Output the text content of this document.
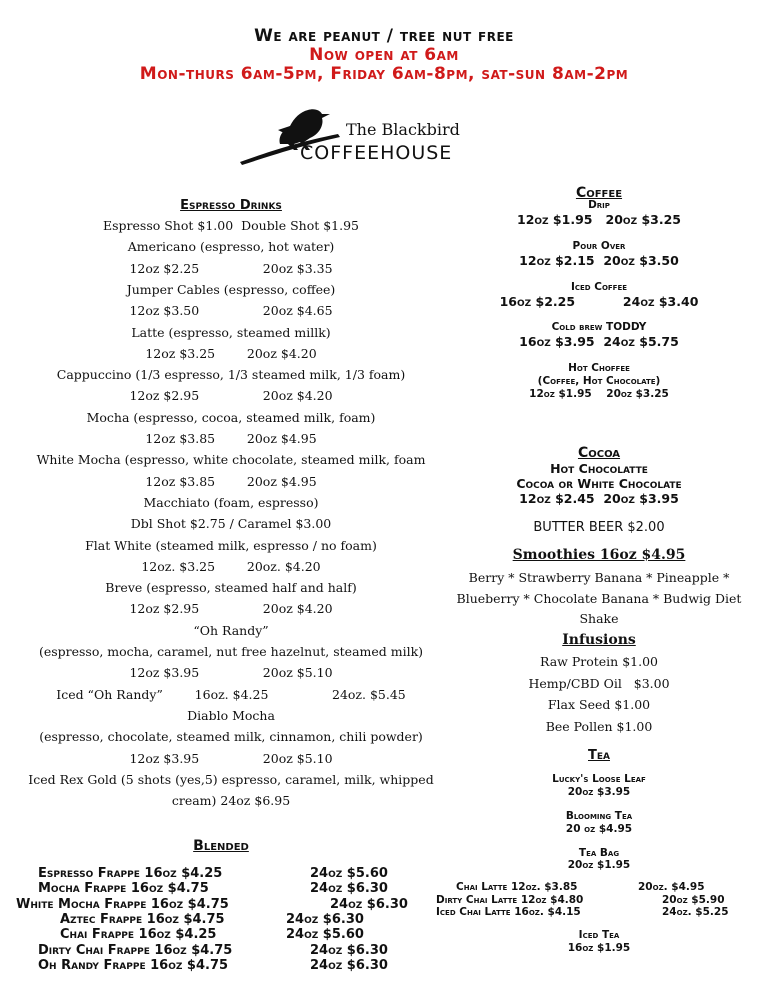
We are peanut / tree nut free
Now open at 6am
Mon-thurs 6am-5pm, Friday 6am-8pm, sat-sun 8am-2pm
The Blackbird
COFFEEHOUSE
Espresso Drinks
Espresso Shot $1.00  Double Shot $1.95
Americano (espresso, hot water)
12oz $2.25                20oz $3.35
Jumper Cables (espresso, coffee)
12oz $3.50                20oz $4.65
Latte (espresso, steamed millk)
12oz $3.25        20oz $4.20
Cappuccino (1/3 espresso, 1/3 steamed milk, 1/3 foam)
12oz $2.95                20oz $4.20
Mocha (espresso, cocoa, steamed milk, foam)
12oz $3.85        20oz $4.95
White Mocha (espresso, white chocolate, steamed milk, foam
12oz $3.85        20oz $4.95
Macchiato (foam, espresso)
Dbl Shot $2.75 / Caramel $3.00
Flat White (steamed milk, espresso / no foam)
12oz. $3.25        20oz. $4.20
Breve (espresso, steamed half and half)
12oz $2.95                20oz $4.20
“Oh Randy”
(espresso, mocha, caramel, nut free hazelnut, steamed milk)
12oz $3.95                20oz $5.10
Iced “Oh Randy”        16oz. $4.25                24oz. $5.45
Diablo Mocha
(espresso, chocolate, steamed milk, cinnamon, chili powder)
12oz $3.95                20oz $5.10
Iced Rex Gold (5 shots (yes,5) espresso, caramel, milk, whipped
cream) 24oz $6.95
Blended
Espresso Frappe 16oz $4.25	24oz $5.60
Mocha Frappe 16oz $4.75	24oz $6.30
White Mocha Frappe 16oz $4.75	24oz $6.30
Aztec Frappe 16oz $4.75	24oz $6.30
Chai Frappe 16oz $4.25	24oz $5.60
Dirty Chai Frappe 16oz $4.75	24oz $6.30
Oh Randy Frappe 16oz $4.75	24oz $6.30
Coffee
Drip
12oz $1.95   20oz $3.25
Pour Over
12oz $2.15  20oz $3.50
Iced Coffee
16oz $2.25           24oz $3.40
Cold brew TODDY
16oz $3.95  24oz $5.75
Hot Choffee
(Coffee, Hot Chocolate)
12oz $1.95    20oz $3.25
Cocoa
Hot Chocolatte
Cocoa or White Chocolate
12oz $2.45  20oz $3.95
BUTTER BEER $2.00
Smoothies 16oz $4.95
Berry * Strawberry Banana * Pineapple *
Blueberry * Chocolate Banana * Budwig Diet
Shake
Infusions
Raw Protein $1.00
Hemp/CBD Oil   $3.00
Flax Seed $1.00
Bee Pollen $1.00
Tea
Lucky's Loose Leaf
20oz $3.95
Blooming Tea
20 oz $4.95
Tea Bag
20oz $1.95
Chai Latte 12oz. $3.85	20oz. $4.95
Dirty Chai Latte 12oz $4.80	20oz $5.90
Iced Chai Latte 16oz. $4.15	24oz. $5.25
Iced Tea
16oz $1.95
